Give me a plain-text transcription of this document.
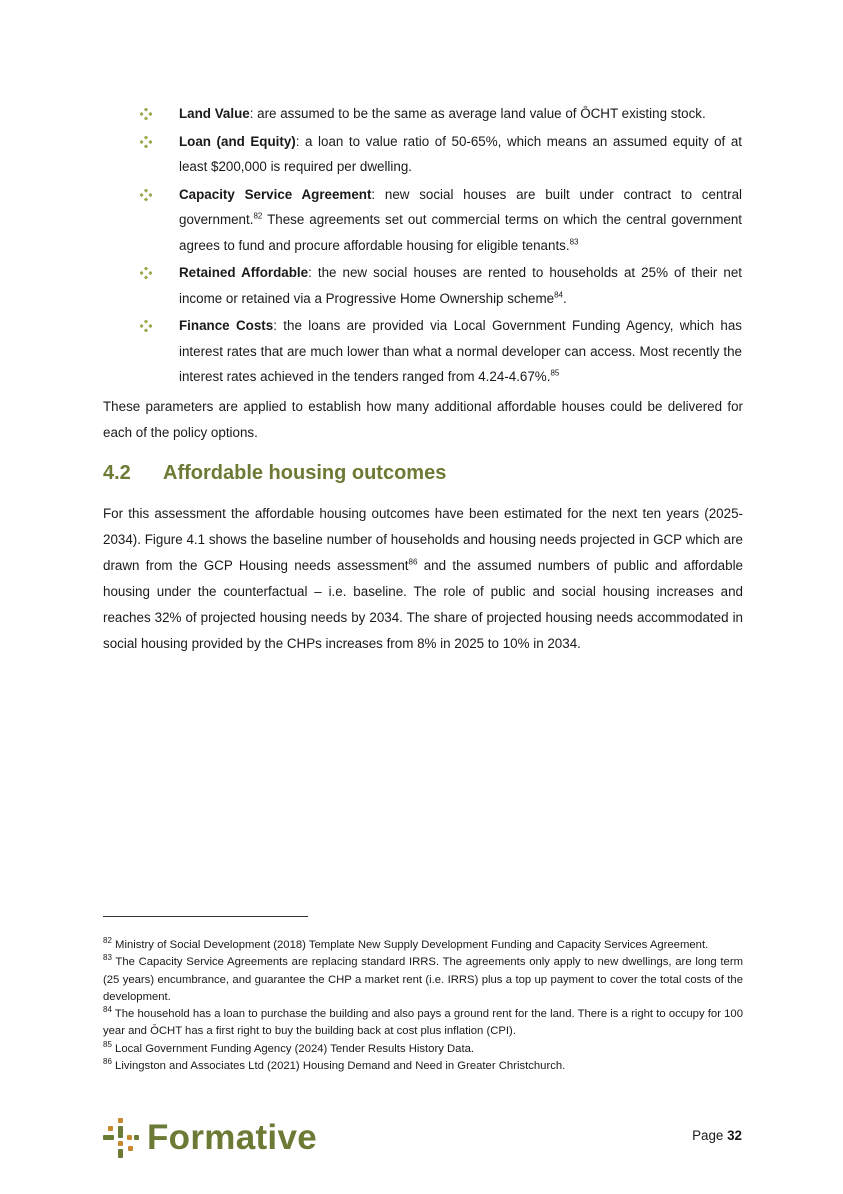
Land Value: are assumed to be the same as average land value of ŌCHT existing stock.
Loan (and Equity): a loan to value ratio of 50-65%, which means an assumed equity of at least $200,000 is required per dwelling.
Capacity Service Agreement: new social houses are built under contract to central government.$^{82}$ These agreements set out commercial terms on which the central government agrees to fund and procure affordable housing for eligible tenants.$^{83}$
Retained Affordable: the new social houses are rented to households at 25% of their net income or retained via a Progressive Home Ownership scheme$^{84}$.
Finance Costs: the loans are provided via Local Government Funding Agency, which has interest rates that are much lower than what a normal developer can access. Most recently the interest rates achieved in the tenders ranged from 4.24-4.67%.$^{85}$

These parameters are applied to establish how many additional affordable houses could be delivered for each of the policy options.

4.2 Affordable housing outcomes

For this assessment the affordable housing outcomes have been estimated for the next ten years (2025-2034). Figure 4.1 shows the baseline number of households and housing needs projected in GCP which are drawn from the GCP Housing needs assessment$^{86}$ and the assumed numbers of public and affordable housing under the counterfactual – i.e. baseline. The role of public and social housing increases and reaches 32% of projected housing needs by 2034. The share of projected housing needs accommodated in social housing provided by the CHPs increases from 8% in 2025 to 10% in 2034.

$^{82}$ Ministry of Social Development (2018) Template New Supply Development Funding and Capacity Services Agreement.

$^{83}$ The Capacity Service Agreements are replacing standard IRRS. The agreements only apply to new dwellings, are long term (25 years) encumbrance, and guarantee the CHP a market rent (i.e. IRRS) plus a top up payment to cover the total costs of the development.

$^{84}$ The household has a loan to purchase the building and also pays a ground rent for the land. There is a right to occupy for 100 year and ŌCHT has a first right to buy the building back at cost plus inflation (CPI).

$^{85}$ Local Government Funding Agency (2024) Tender Results History Data.

$^{86}$ Livingston and Associates Ltd (2021) Housing Demand and Need in Greater Christchurch.

Formative	Page 32
